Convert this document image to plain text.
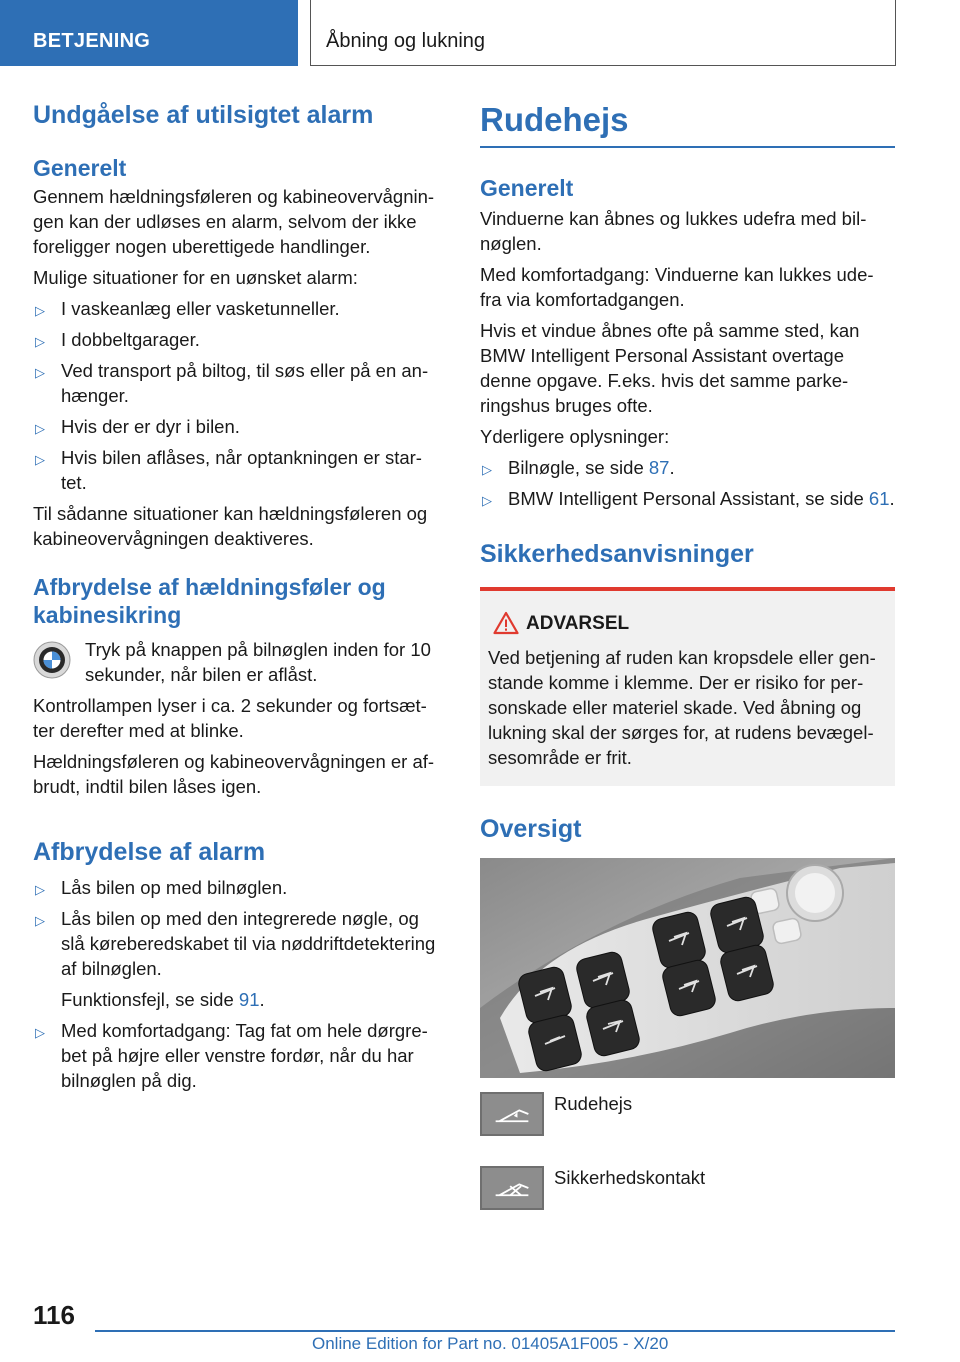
BETJENING	Åbning og lukning
Undgåelse af utilsigtet alarm
Generelt

Gennem hældningsføleren og kabineovervågnin-gen kan der udløses en alarm, selvom der ikke foreligger nogen uberettigede handlinger.

Mulige situationer for en uønsket alarm:

▷ I vaskeanlæg eller vasketunneller.
▷ I dobbeltgarager.
▷ Ved transport på biltog, til søs eller på en an-hænger.
▷ Hvis der er dyr i bilen.
▷ Hvis bilen aflåses, når optankningen er star-tet.

Til sådanne situationer kan hældningsføleren og kabineovervågningen deaktiveres.

Afbrydelse af hældningsføler og kabinesikring

Tryk på knappen på bilnøglen inden for 10 sekunder, når bilen er aflåst.

Kontrollampen lyser i ca. 2 sekunder og fortsæt-ter derefter med at blinke.

Hældningsføleren og kabineovervågningen er af-brudt, indtil bilen låses igen.

Afbrydelse af alarm
▷ Lås bilen op med bilnøglen.
▷ Lås bilen op med den integrerede nøgle, og slå køreberedskabet til via nøddriftdetektering af bilnøglen.
Funktionsfejl, se side 91.
▷ Med komfortadgang: Tag fat om hele dørgre-bet på højre eller venstre fordør, når du har bilnøglen på dig.
Rudehejs
Generelt

Vinduerne kan åbnes og lukkes udefra med bil-nøglen.

Med komfortadgang: Vinduerne kan lukkes ude-fra via komfortadgangen.

Hvis et vindue åbnes ofte på samme sted, kan BMW Intelligent Personal Assistant overtage denne opgave. F.eks. hvis det samme parke-ringshus bruges ofte.

Yderligere oplysninger:

▷ Bilnøgle, se side 87.
▷ BMW Intelligent Personal Assistant, se side 61.
Sikkerhedsanvisninger
ADVARSEL

Ved betjening af ruden kan kropsdele eller gen-stande komme i klemme. Der er risiko for per-sonskade eller materiel skade. Ved åbning og lukning skal der sørges for, at rudens bevægel-sesområde er frit.

Oversigt
Rudehejs
Sikkerhedskontakt
116
Online Edition for Part no. 01405A1F005 - X/20
